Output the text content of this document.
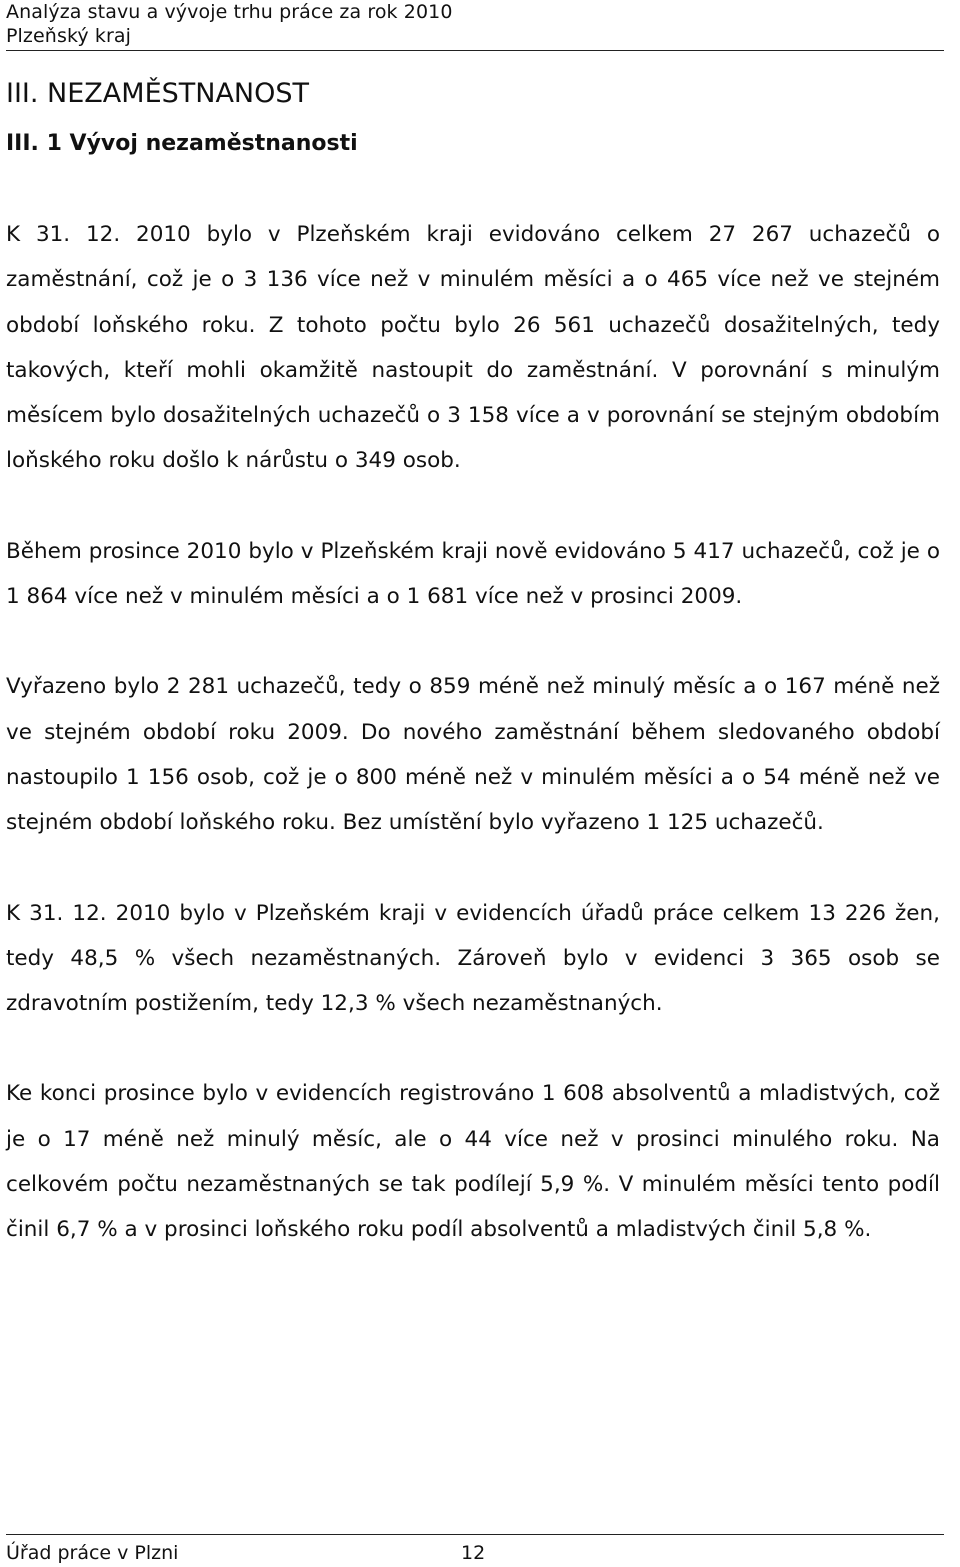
Analýza stavu a vývoje trhu práce za rok 2010
Plzeňský kraj
III. NEZAMĚSTNANOST
III. 1 Vývoj nezaměstnanosti

K 31. 12. 2010 bylo v Plzeňském kraji evidováno celkem 27 267 uchazečů o zaměstnání, což je o 3 136 více než v minulém měsíci a o 465 více než ve stejném období loňského roku. Z tohoto počtu bylo 26 561 uchazečů dosažitelných, tedy takových, kteří mohli okamžitě nastoupit do zaměstnání. V porovnání s minulým měsícem bylo dosažitelných uchazečů o 3 158 více a v porovnání se stejným obdobím loňského roku došlo k nárůstu o 349 osob.

Během prosince 2010 bylo v Plzeňském kraji nově evidováno 5 417 uchazečů, což je o 1 864 více než v minulém měsíci a o 1 681 více než v prosinci 2009.

Vyřazeno bylo 2 281 uchazečů, tedy o 859 méně než minulý měsíc a o 167 méně než ve stejném období roku 2009. Do nového zaměstnání během sledovaného období nastoupilo 1 156 osob, což je o 800 méně než v minulém měsíci a o 54 méně než ve stejném období loňského roku. Bez umístění bylo vyřazeno 1 125 uchazečů.

K 31. 12. 2010 bylo v Plzeňském kraji v evidencích úřadů práce celkem 13 226 žen, tedy 48,5 % všech nezaměstnaných. Zároveň bylo v evidenci 3 365 osob se zdravotním postižením, tedy 12,3 % všech nezaměstnaných.

Ke konci prosince bylo v evidencích registrováno 1 608 absolventů a mladistvých, což je o 17 méně než minulý měsíc, ale o 44 více než v prosinci minulého roku. Na celkovém počtu nezaměstnaných se tak podílejí 5,9 %. V minulém měsíci tento podíl činil 6,7 % a v prosinci loňského roku podíl absolventů a mladistvých činil 5,8 %.

Úřad práce v Plzni	12
